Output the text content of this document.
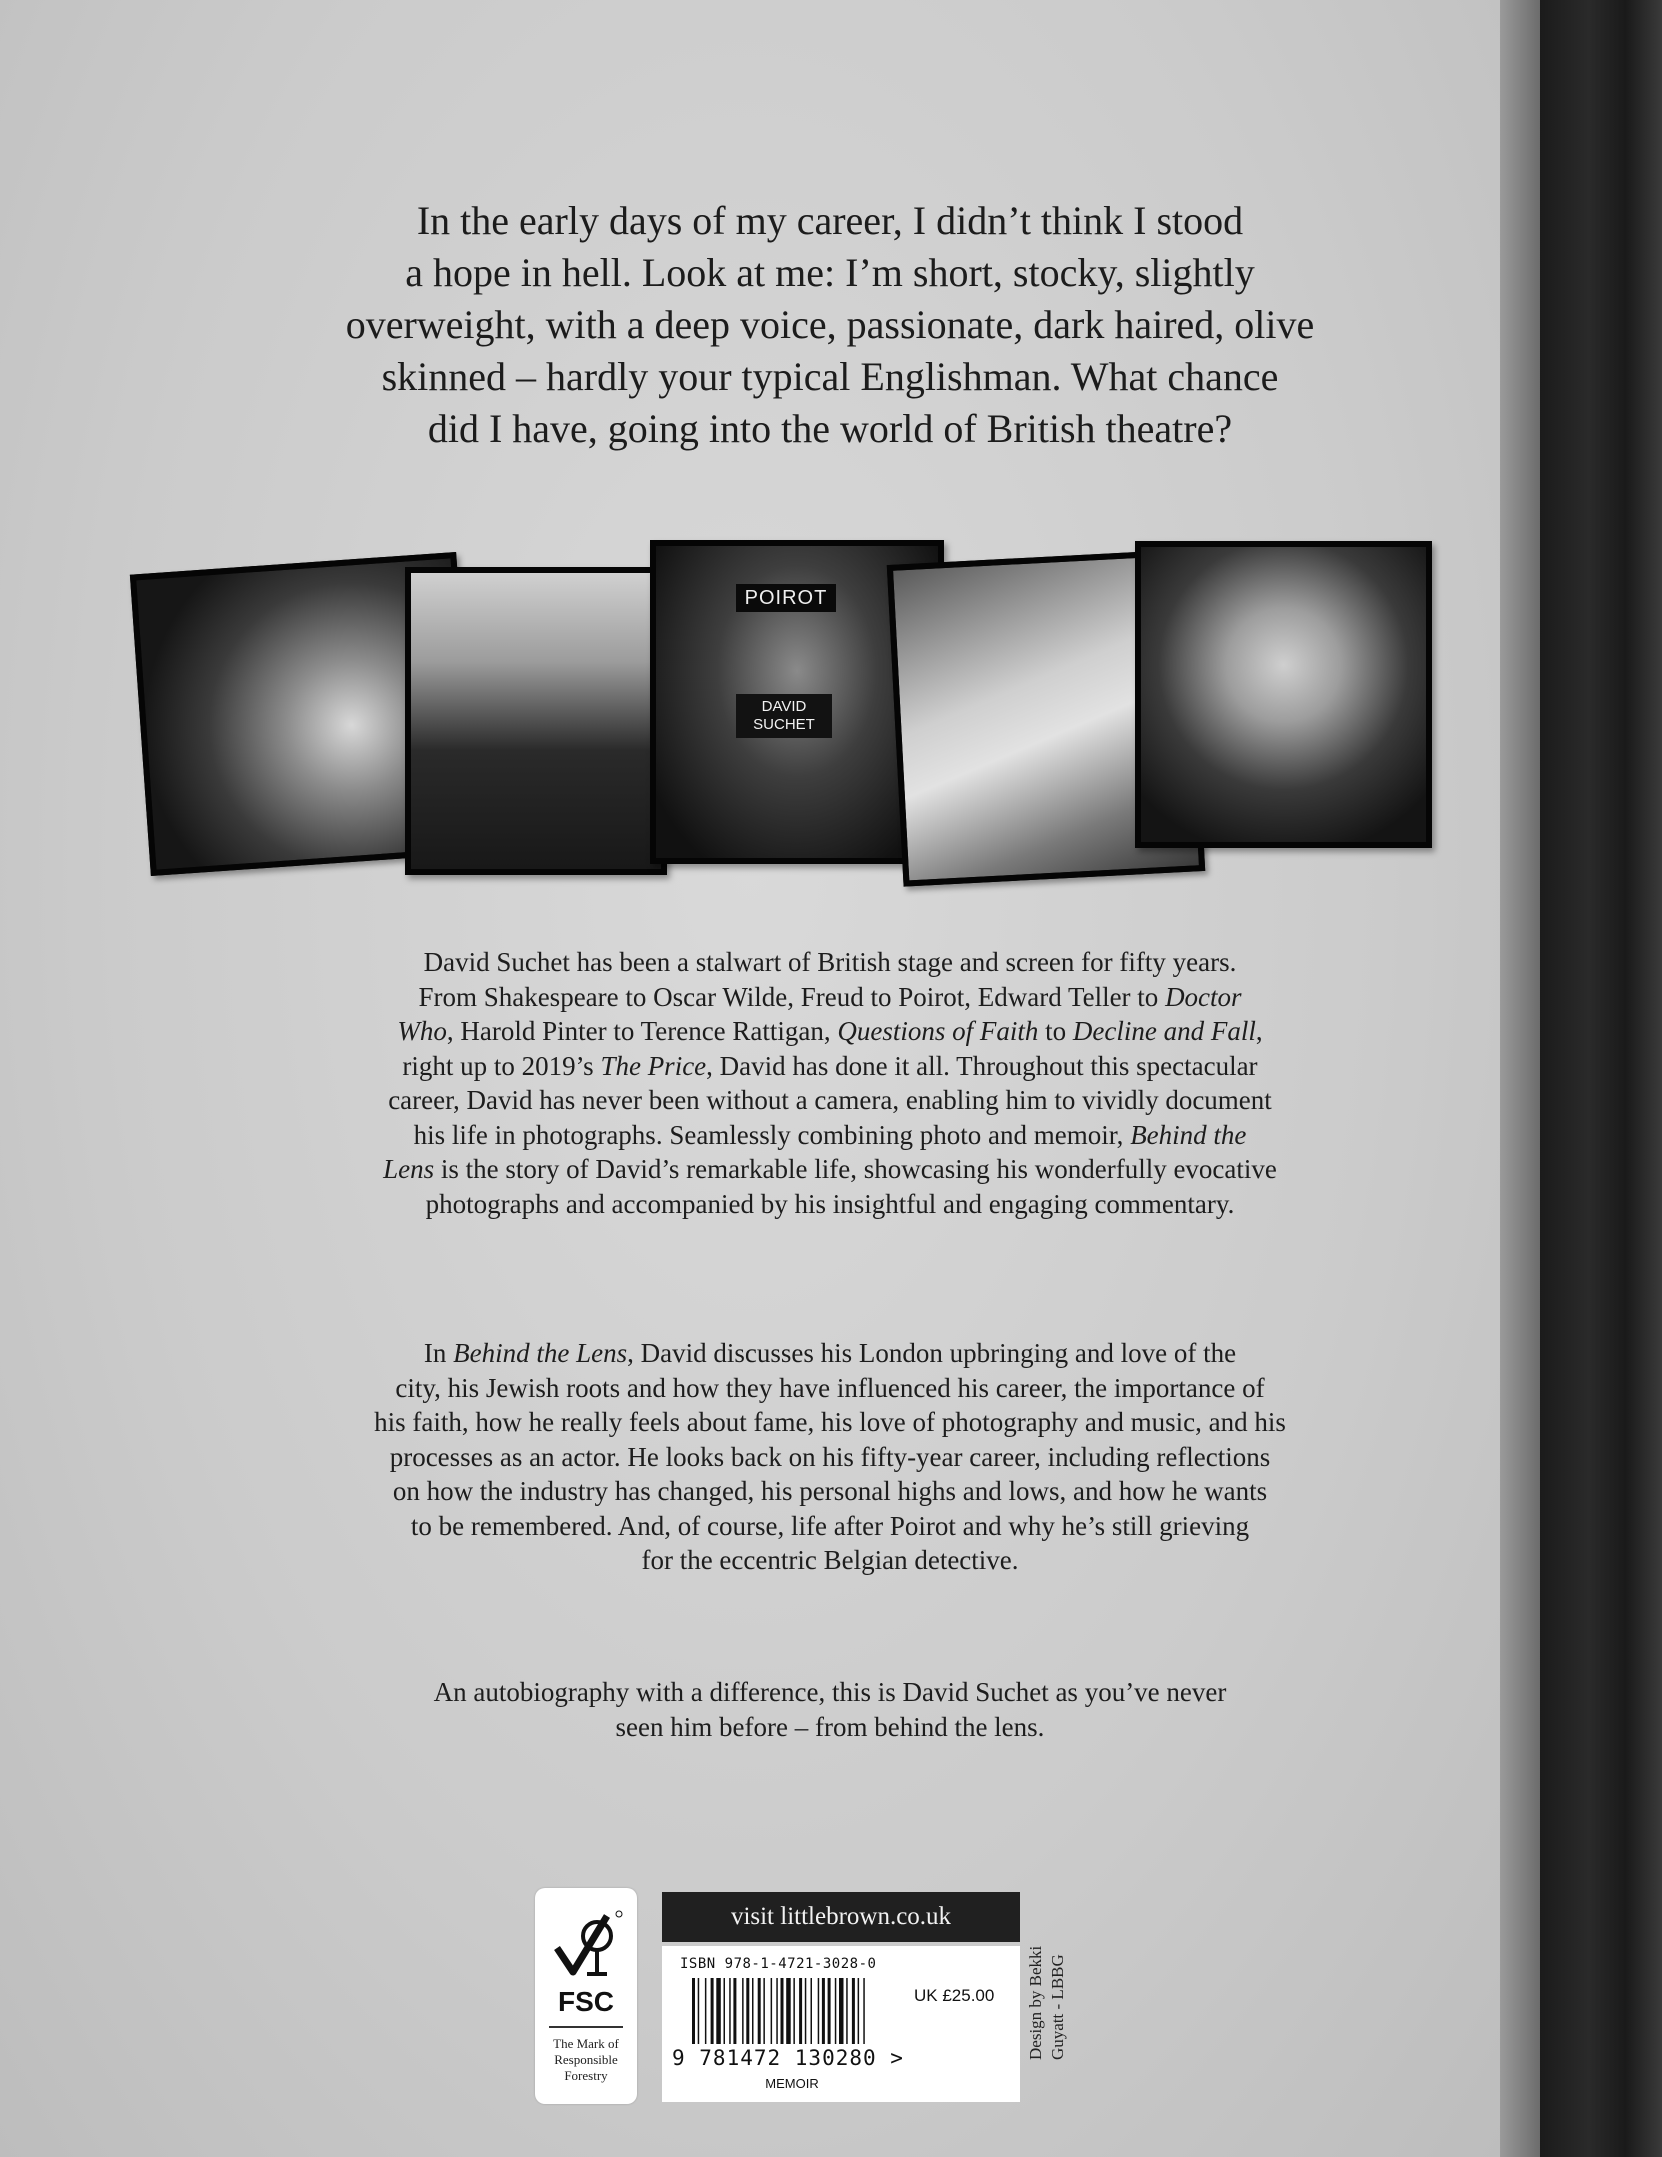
In the early days of my career, I didn’t think I stood
a hope in hell. Look at me: I’m short, stocky, slightly
overweight, with a deep voice, passionate, dark haired, olive
skinned – hardly your typical Englishman. What chance
did I have, going into the world of British theatre?

POIROT
DAVID
SUCHET

David Suchet has been a stalwart of British stage and screen for fifty years.
From Shakespeare to Oscar Wilde, Freud to Poirot, Edward Teller to Doctor
Who, Harold Pinter to Terence Rattigan, Questions of Faith to Decline and Fall,
right up to 2019’s The Price, David has done it all. Throughout this spectacular
career, David has never been without a camera, enabling him to vividly document
his life in photographs. Seamlessly combining photo and memoir, Behind the
Lens is the story of David’s remarkable life, showcasing his wonderfully evocative
photographs and accompanied by his insightful and engaging commentary.

In Behind the Lens, David discusses his London upbringing and love of the
city, his Jewish roots and how they have influenced his career, the importance of
his faith, how he really feels about fame, his love of photography and music, and his
processes as an actor. He looks back on his fifty-year career, including reflections
on how the industry has changed, his personal highs and lows, and how he wants
to be remembered. And, of course, life after Poirot and why he’s still grieving
for the eccentric Belgian detective.

An autobiography with a difference, this is David Suchet as you’ve never
seen him before – from behind the lens.

FSC
The Mark of
Responsible
Forestry
visit littlebrown.co.uk
ISBN 978-1-4721-3028-0
UK £25.00
9 781472 130280 >
MEMOIR
Design by Bekki Guyatt - LBBG
